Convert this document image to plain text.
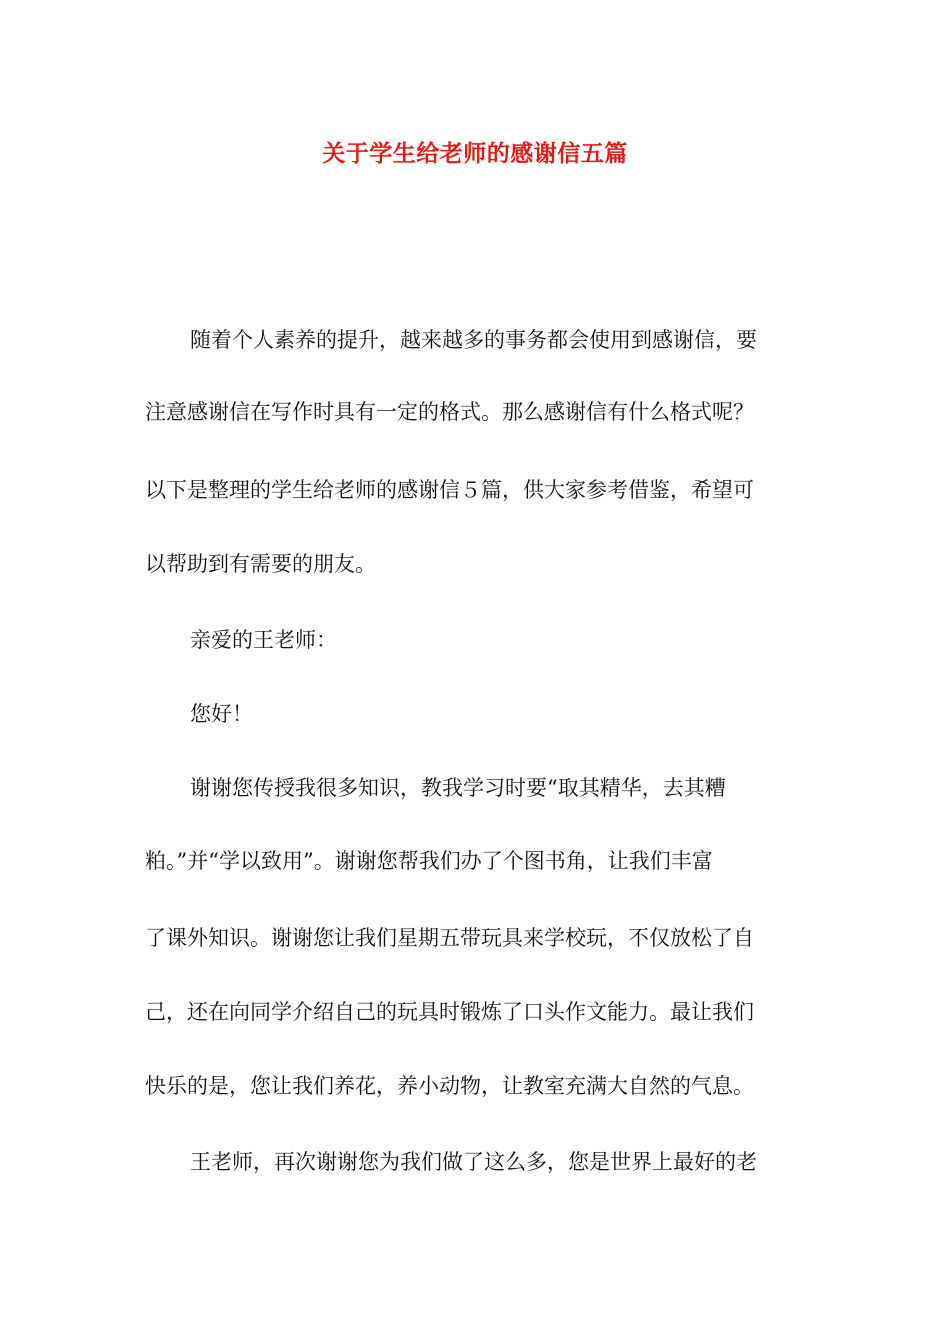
关于学生给老师的感谢信五篇
随着个人素养的提升，越来越多的事务都会使用到感谢信，要
注意感谢信在写作时具有一定的格式。那么感谢信有什么格式呢？
以下是整理的学生给老师的感谢信５篇，供大家参考借鉴，希望可
以帮助到有需要的朋友。
亲爱的王老师：
您好！
谢谢您传授我很多知识，教我学习时要“取其精华，去其糟
粕。”并“学以致用”。谢谢您帮我们办了个图书角，让我们丰富
了课外知识。谢谢您让我们星期五带玩具来学校玩，不仅放松了自
己，还在向同学介绍自己的玩具时锻炼了口头作文能力。最让我们
快乐的是，您让我们养花，养小动物，让教室充满大自然的气息。
王老师，再次谢谢您为我们做了这么多，您是世界上最好的老
